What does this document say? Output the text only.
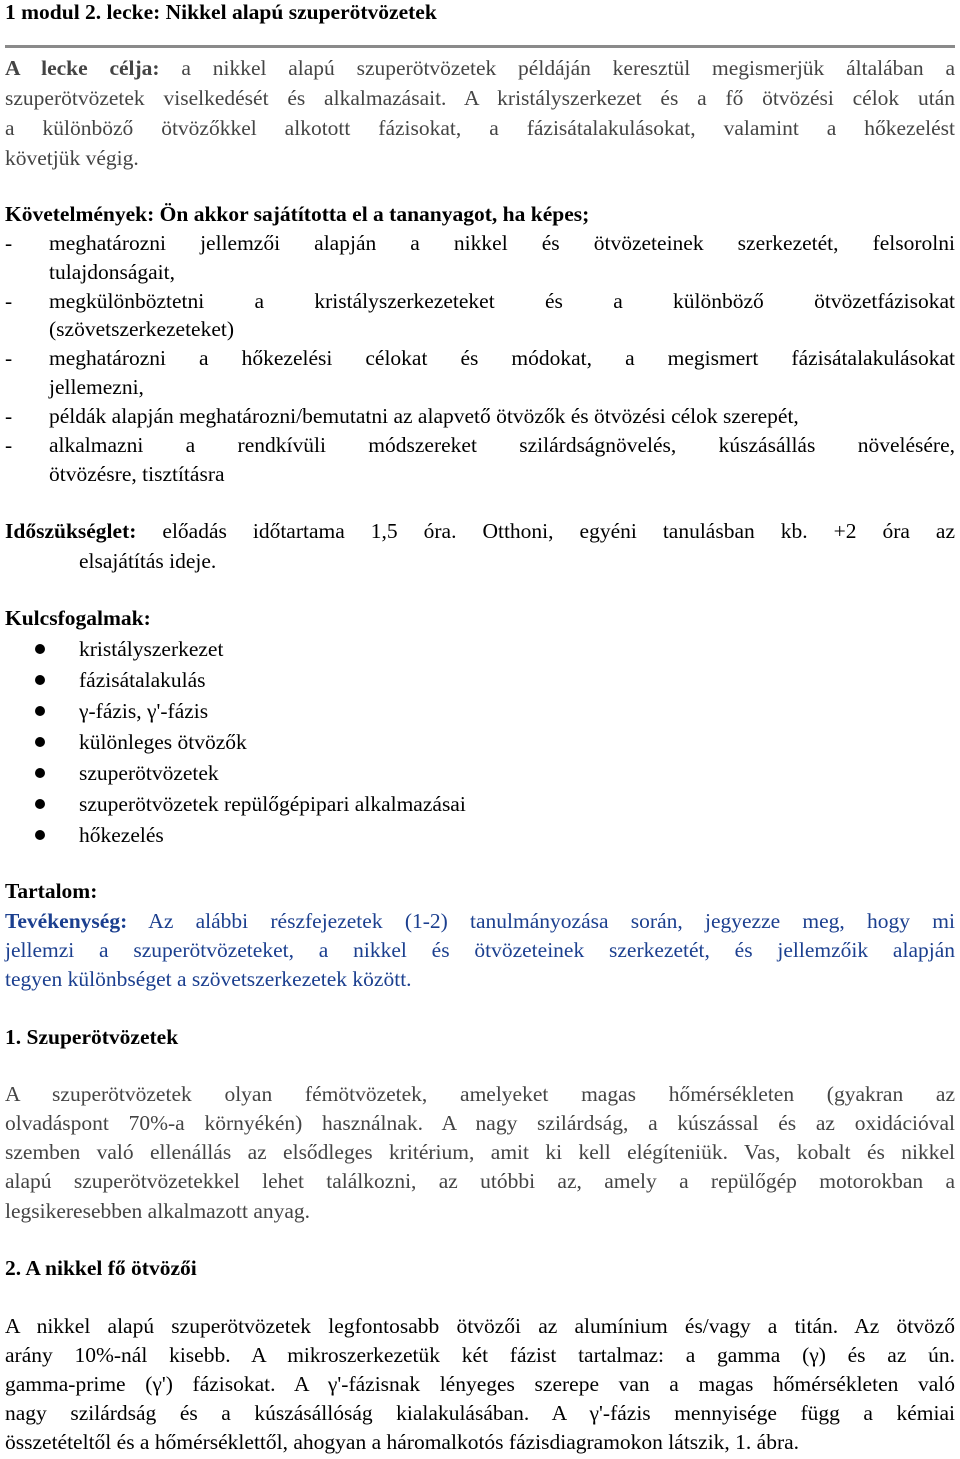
1 modul 2. lecke: Nikkel alapú szuperötvözetek
A lecke célja: a nikkel alapú szuperötvözetek példáján keresztül megismerjük általában a
szuperötvözetek viselkedését és alkalmazásait. A kristályszerkezet és a fő ötvözési célok után
a különböző ötvözőkkel alkotott fázisokat, a fázisátalakulásokat, valamint a hőkezelést
követjük végig.
Követelmények: Ön akkor sajátította el a tananyagot, ha képes;
- meghatározni jellemzői alapján a nikkel és ötvözeteinek szerkezetét, felsorolni
tulajdonságait,
- megkülönböztetni a kristályszerkezeteket és a különböző ötvözetfázisokat
(szövetszerkezeteket)
- meghatározni a hőkezelési célokat és módokat, a megismert fázisátalakulásokat
jellemezni,
- példák alapján meghatározni/bemutatni az alapvető ötvözők és ötvözési célok szerepét,
- alkalmazni a rendkívüli módszereket szilárdságnövelés, kúszásállás növelésére,
ötvözésre, tisztításra
Időszükséglet: előadás időtartama 1,5 óra. Otthoni, egyéni tanulásban kb. +2 óra az
elsajátítás ideje.
Kulcsfogalmak:
kristályszerkezet
fázisátalakulás
γ-fázis, γ'-fázis
különleges ötvözők
szuperötvözetek
szuperötvözetek repülőgépipari alkalmazásai
hőkezelés
Tartalom:
Tevékenység: Az alábbi részfejezetek (1-2) tanulmányozása során, jegyezze meg, hogy mi
jellemzi a szuperötvözeteket, a nikkel és ötvözeteinek szerkezetét, és jellemzőik alapján
tegyen különbséget a szövetszerkezetek között.
1. Szuperötvözetek
A szuperötvözetek olyan fémötvözetek, amelyeket magas hőmérsékleten (gyakran az
olvadáspont 70%-a környékén) használnak. A nagy szilárdság, a kúszással és az oxidációval
szemben való ellenállás az elsődleges kritérium, amit ki kell elégíteniük. Vas, kobalt és nikkel
alapú szuperötvözetekkel lehet találkozni, az utóbbi az, amely a repülőgép motorokban a
legsikeresebben alkalmazott anyag.
2. A nikkel fő ötvözői
A nikkel alapú szuperötvözetek legfontosabb ötvözői az alumínium és/vagy a titán. Az ötvöző
arány 10%-nál kisebb. A mikroszerkezetük két fázist tartalmaz: a gamma (γ) és az ún.
gamma-prime (γ') fázisokat. A γ'-fázisnak lényeges szerepe van a magas hőmérsékleten való
nagy szilárdság és a kúszásállóság kialakulásában. A γ'-fázis mennyisége függ a kémiai
összetételtől és a hőmérséklettől, ahogyan a háromalkotós fázisdiagramokon látszik, 1. ábra.
